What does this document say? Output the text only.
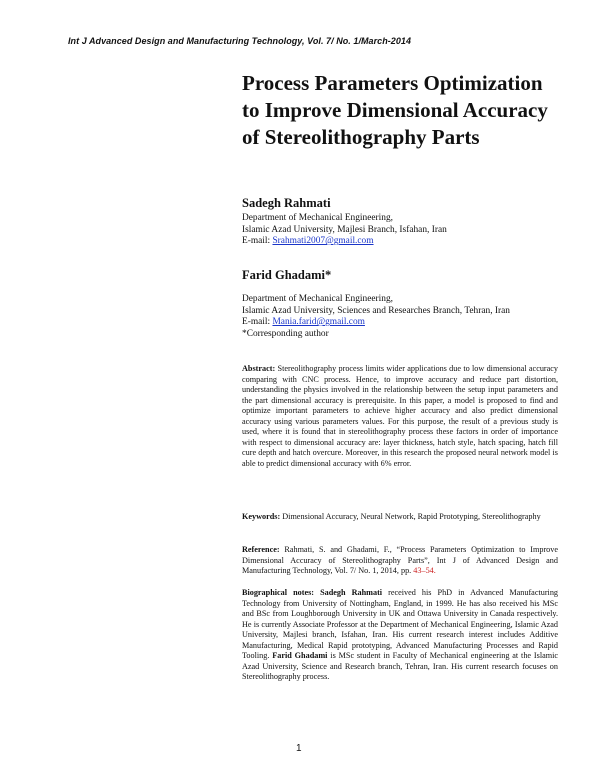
Int J Advanced Design and Manufacturing Technology, Vol. 7/ No. 1/March-2014
Process Parameters Optimization
to Improve Dimensional Accuracy
of Stereolithography Parts
Sadegh Rahmati
Department of Mechanical Engineering,
Islamic Azad University, Majlesi Branch, Isfahan, Iran
E-mail: Srahmati2007@gmail.com
Farid Ghadami*
Department of Mechanical Engineering,
Islamic Azad University, Sciences and Researches Branch, Tehran, Iran
E-mail: Mania.farid@gmail.com
*Corresponding author
Abstract: Stereolithography process limits wider applications due to low dimensional accuracy comparing with CNC process. Hence, to improve accuracy and reduce part distortion, understanding the physics involved in the relationship between the setup input parameters and the part dimensional accuracy is prerequisite. In this paper, a model is proposed to find and optimize important parameters to achieve higher accuracy and also predict dimensional accuracy using various parameters values. For this purpose, the result of a previous study is used, where it is found that in stereolithography process these factors in order of importance with respect to dimensional accuracy are: layer thickness, hatch style, hatch spacing, hatch fill cure depth and hatch overcure. Moreover, in this research the proposed neural network model is able to predict dimensional accuracy with 6% error.
Keywords: Dimensional Accuracy, Neural Network, Rapid Prototyping, Stereolithography
Reference: Rahmati, S. and Ghadami, F., “Process Parameters Optimization to Improve Dimensional Accuracy of Stereolithography Parts”, Int J of Advanced Design and Manufacturing Technology, Vol. 7/ No. 1, 2014, pp. 43–54.
Biographical notes: Sadegh Rahmati received his PhD in Advanced Manufacturing Technology from University of Nottingham, England, in 1999. He has also received his MSc and BSc from Loughborough University in UK and Ottawa University in Canada respectively. He is currently Associate Professor at the Department of Mechanical Engineering, Islamic Azad University, Majlesi branch, Isfahan, Iran. His current research interest includes Additive Manufacturing, Medical Rapid prototyping, Advanced Manufacturing Processes and Rapid Tooling. Farid Ghadami is MSc student in Faculty of Mechanical engineering at the Islamic Azad University, Science and Research branch, Tehran, Iran. His current research focuses on Stereolithography process.
1
